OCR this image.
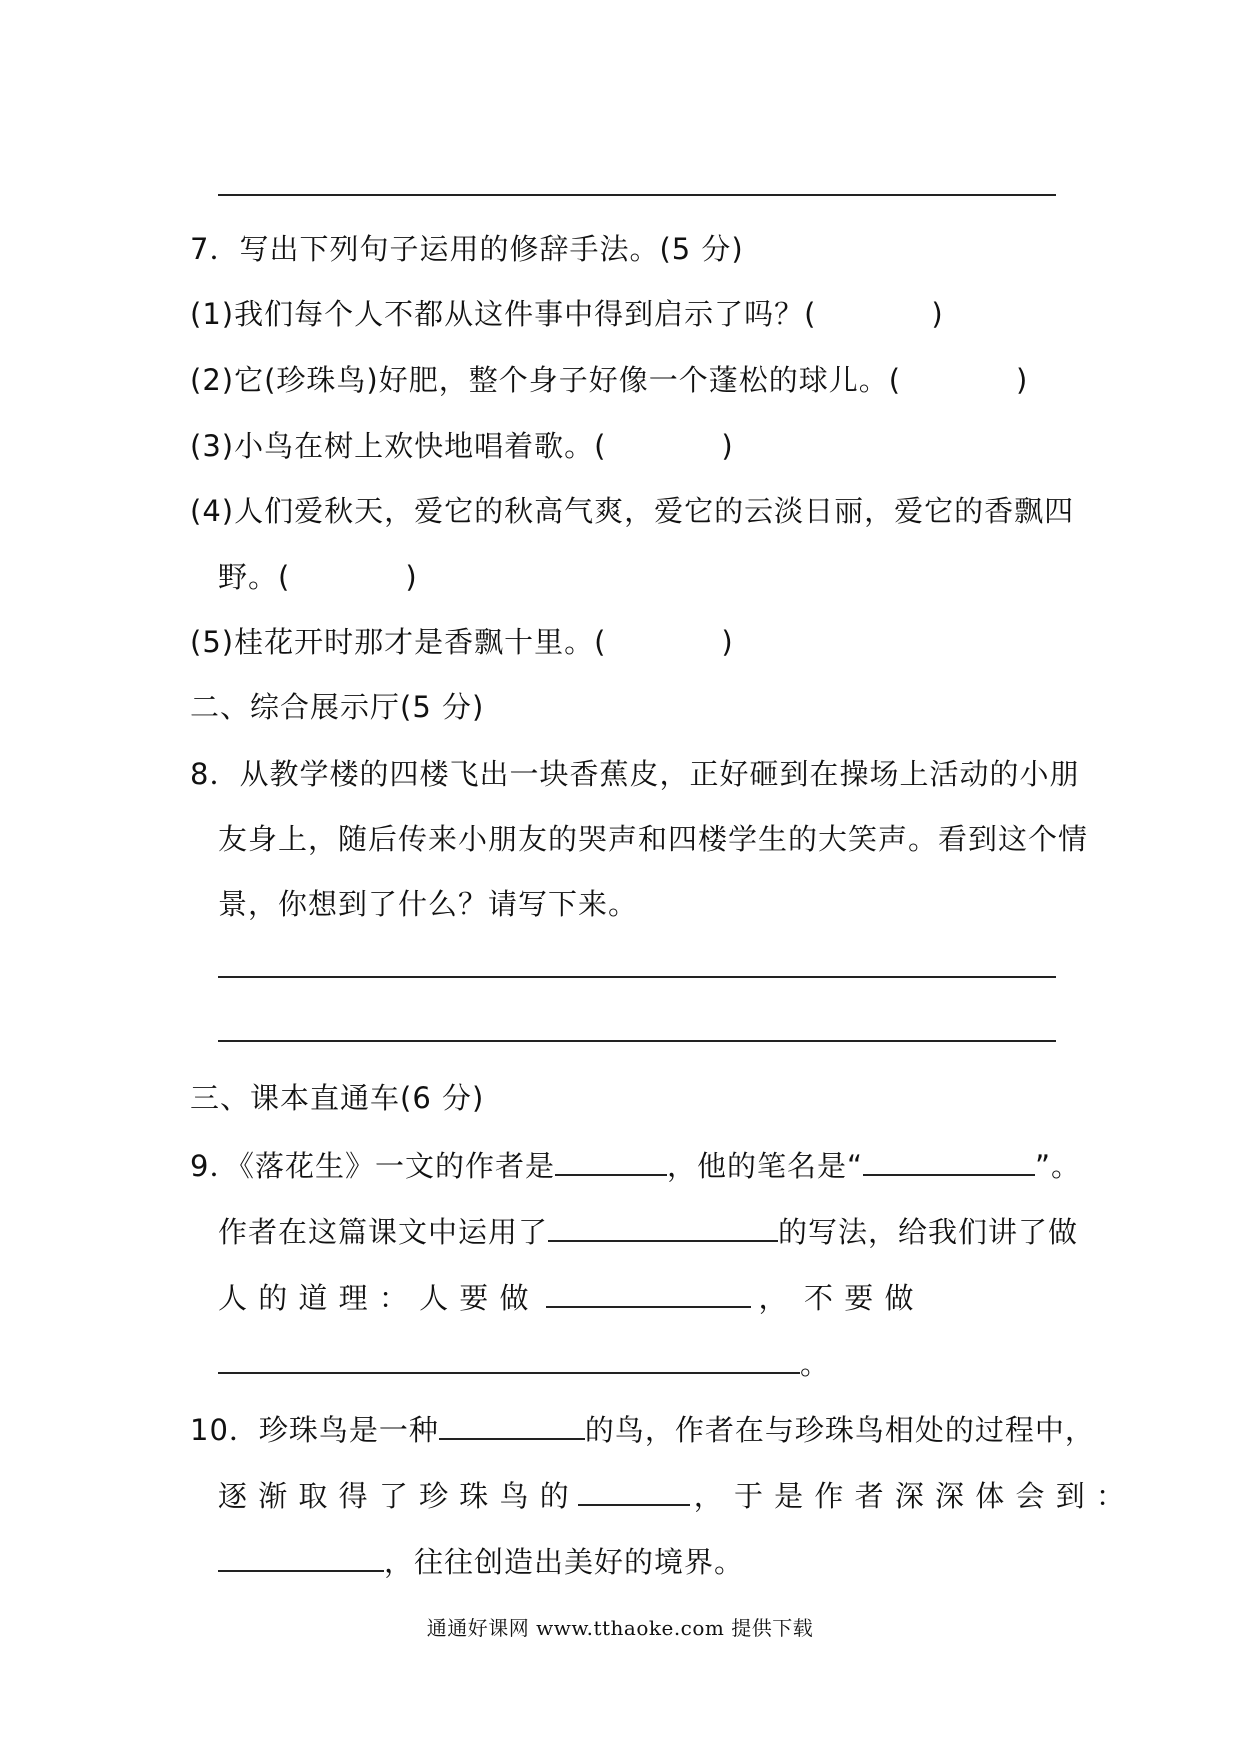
7．写出下列句子运用的修辞手法。(5 分)
(1)我们每个人不都从这件事中得到启示了吗？(	)
(2)它(珍珠鸟)好肥，整个身子好像一个蓬松的球儿。(	)
(3)小鸟在树上欢快地唱着歌。(	)
(4)人们爱秋天，爱它的秋高气爽，爱它的云淡日丽，爱它的香飘四
野。(	)
(5)桂花开时那才是香飘十里。(	)
二、综合展示厅(5 分)
8．从教学楼的四楼飞出一块香蕉皮，正好砸到在操场上活动的小朋
友身上，随后传来小朋友的哭声和四楼学生的大笑声。看到这个情
景，你想到了什么？请写下来。
三、课本直通车(6 分)
9．《落花生》一文的作者是	，他的笔名是“	”。
作者在这篇课文中运用了	的写法，给我们讲了做
人 的 道 理 ： 人 要 做	，　不 要 做
。
10．珍珠鸟是一种	的鸟，作者在与珍珠鸟相处的过程中，
逐 渐 取 得 了 珍 珠 鸟 的	， 于 是 作 者 深 深 体 会 到 ：
，往往创造出美好的境界。
通通好课网 www.tthaoke.com 提供下载
